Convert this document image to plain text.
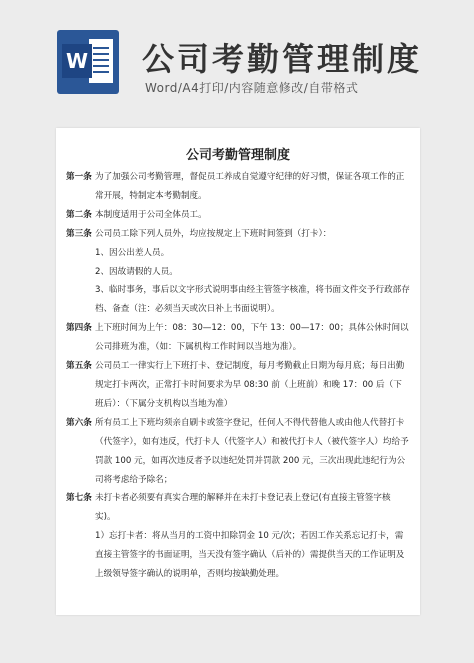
W 公司考勤管理制度
Word/A4打印/内容随意修改/自带格式
公司考勤管理制度
第一条 为了加强公司考勤管理，督促员工养成自觉遵守纪律的好习惯，保证各项工作的正常开展，特制定本考勤制度。
第二条 本制度适用于公司全体员工。
第三条 公司员工除下列人员外，均应按规定上下班时间签到（打卡）：
1、因公出差人员。
2、因故请假的人员。
3、临时事务，事后以文字形式说明事由经主管签字核准，将书面文件交予行政部存档、备查（注：必须当天或次日补上书面说明）。
第四条 上下班时间为上午：08：30—12：00，下午 13：00—17：00；具体公休时间以公司排班为准，（如：下属机构工作时间以当地为准）。
第五条 公司员工一律实行上下班打卡、登记制度，每月考勤截止日期为每月底；每日出勤规定打卡两次，正常打卡时间要求为早 08:30 前（上班前）和晚 17：00 后（下班后）：（下属分支机构以当地为准）
第六条 所有员工上下班均须亲自刷卡或签字登记，任何人不得代替他人或由他人代替打卡（代签字），如有违反，代打卡人（代签字人）和被代打卡人（被代签字人）均给予罚款 100 元，如再次违反者予以违纪处罚并罚款 200 元，三次出现此违纪行为公司将考虑给予除名；
第七条 未打卡者必须要有真实合理的解释并在未打卡登记表上登记(有直接主管签字核实)。
1）忘打卡者：将从当月的工资中扣除罚金 10 元/次；若因工作关系忘记打卡，需直接主管签字的书面证明，当天没有签字确认（后补的）需提供当天的工作证明及上级领导签字确认的说明单，否则均按缺勤处理。
